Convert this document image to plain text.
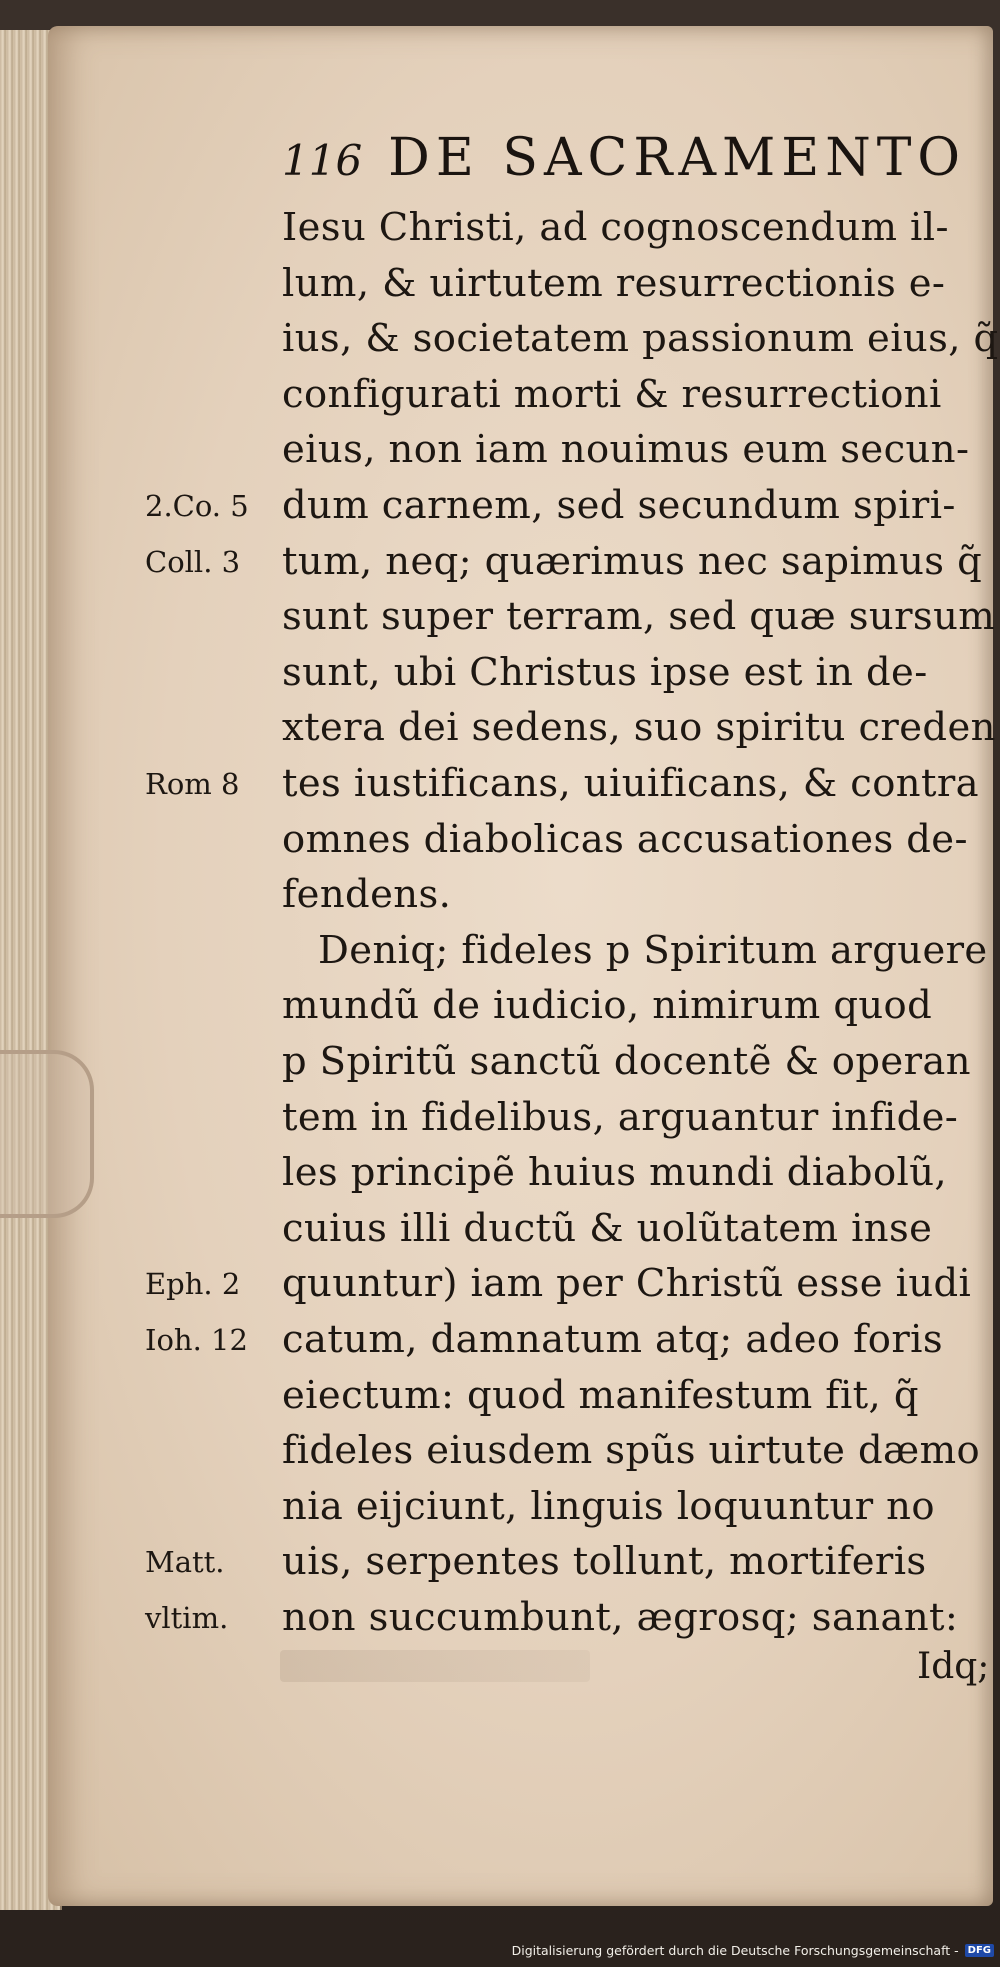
116 DE SACRAMENTO
Iesu Christi, ad cognoscendum il-
lum, & uirtutem resurrectionis e-
ius, & societatem passionum eius, q̃
configurati morti & resurrectioni
eius, non iam nouimus eum secun-
dum carnem, sed secundum spiri-
tum, neq; quærimus nec sapimus q̃
sunt super terram, sed quæ sursum
sunt, ubi Christus ipse est in de-
xtera dei sedens, suo spiritu creden
tes iustificans, uiuificans, & contra
omnes diabolicas accusationes de-
fendens.
Deniq; fideles p Spiritum arguere
mundũ de iudicio, nimirum quod
p Spiritũ sanctũ docentẽ & operan
tem in fidelibus, arguantur infide-
les principẽ huius mundi diabolũ,
cuius illi ductũ & uolũtatem inse
quuntur) iam per Christũ esse iudi
catum, damnatum atq; adeo foris
eiectum: quod manifestum fit, q̃
fideles eiusdem spũs uirtute dæmo
nia eijciunt, linguis loquuntur no
uis, serpentes tollunt, mortiferis
non succumbunt, ægrosq; sanant:
2.Co. 5
Coll. 3
Rom 8
Eph. 2
Ioh. 12
Matt.
vltim.
Idq;
Digitalisierung gefördert durch die Deutsche Forschungsgemeinschaft - DFG
